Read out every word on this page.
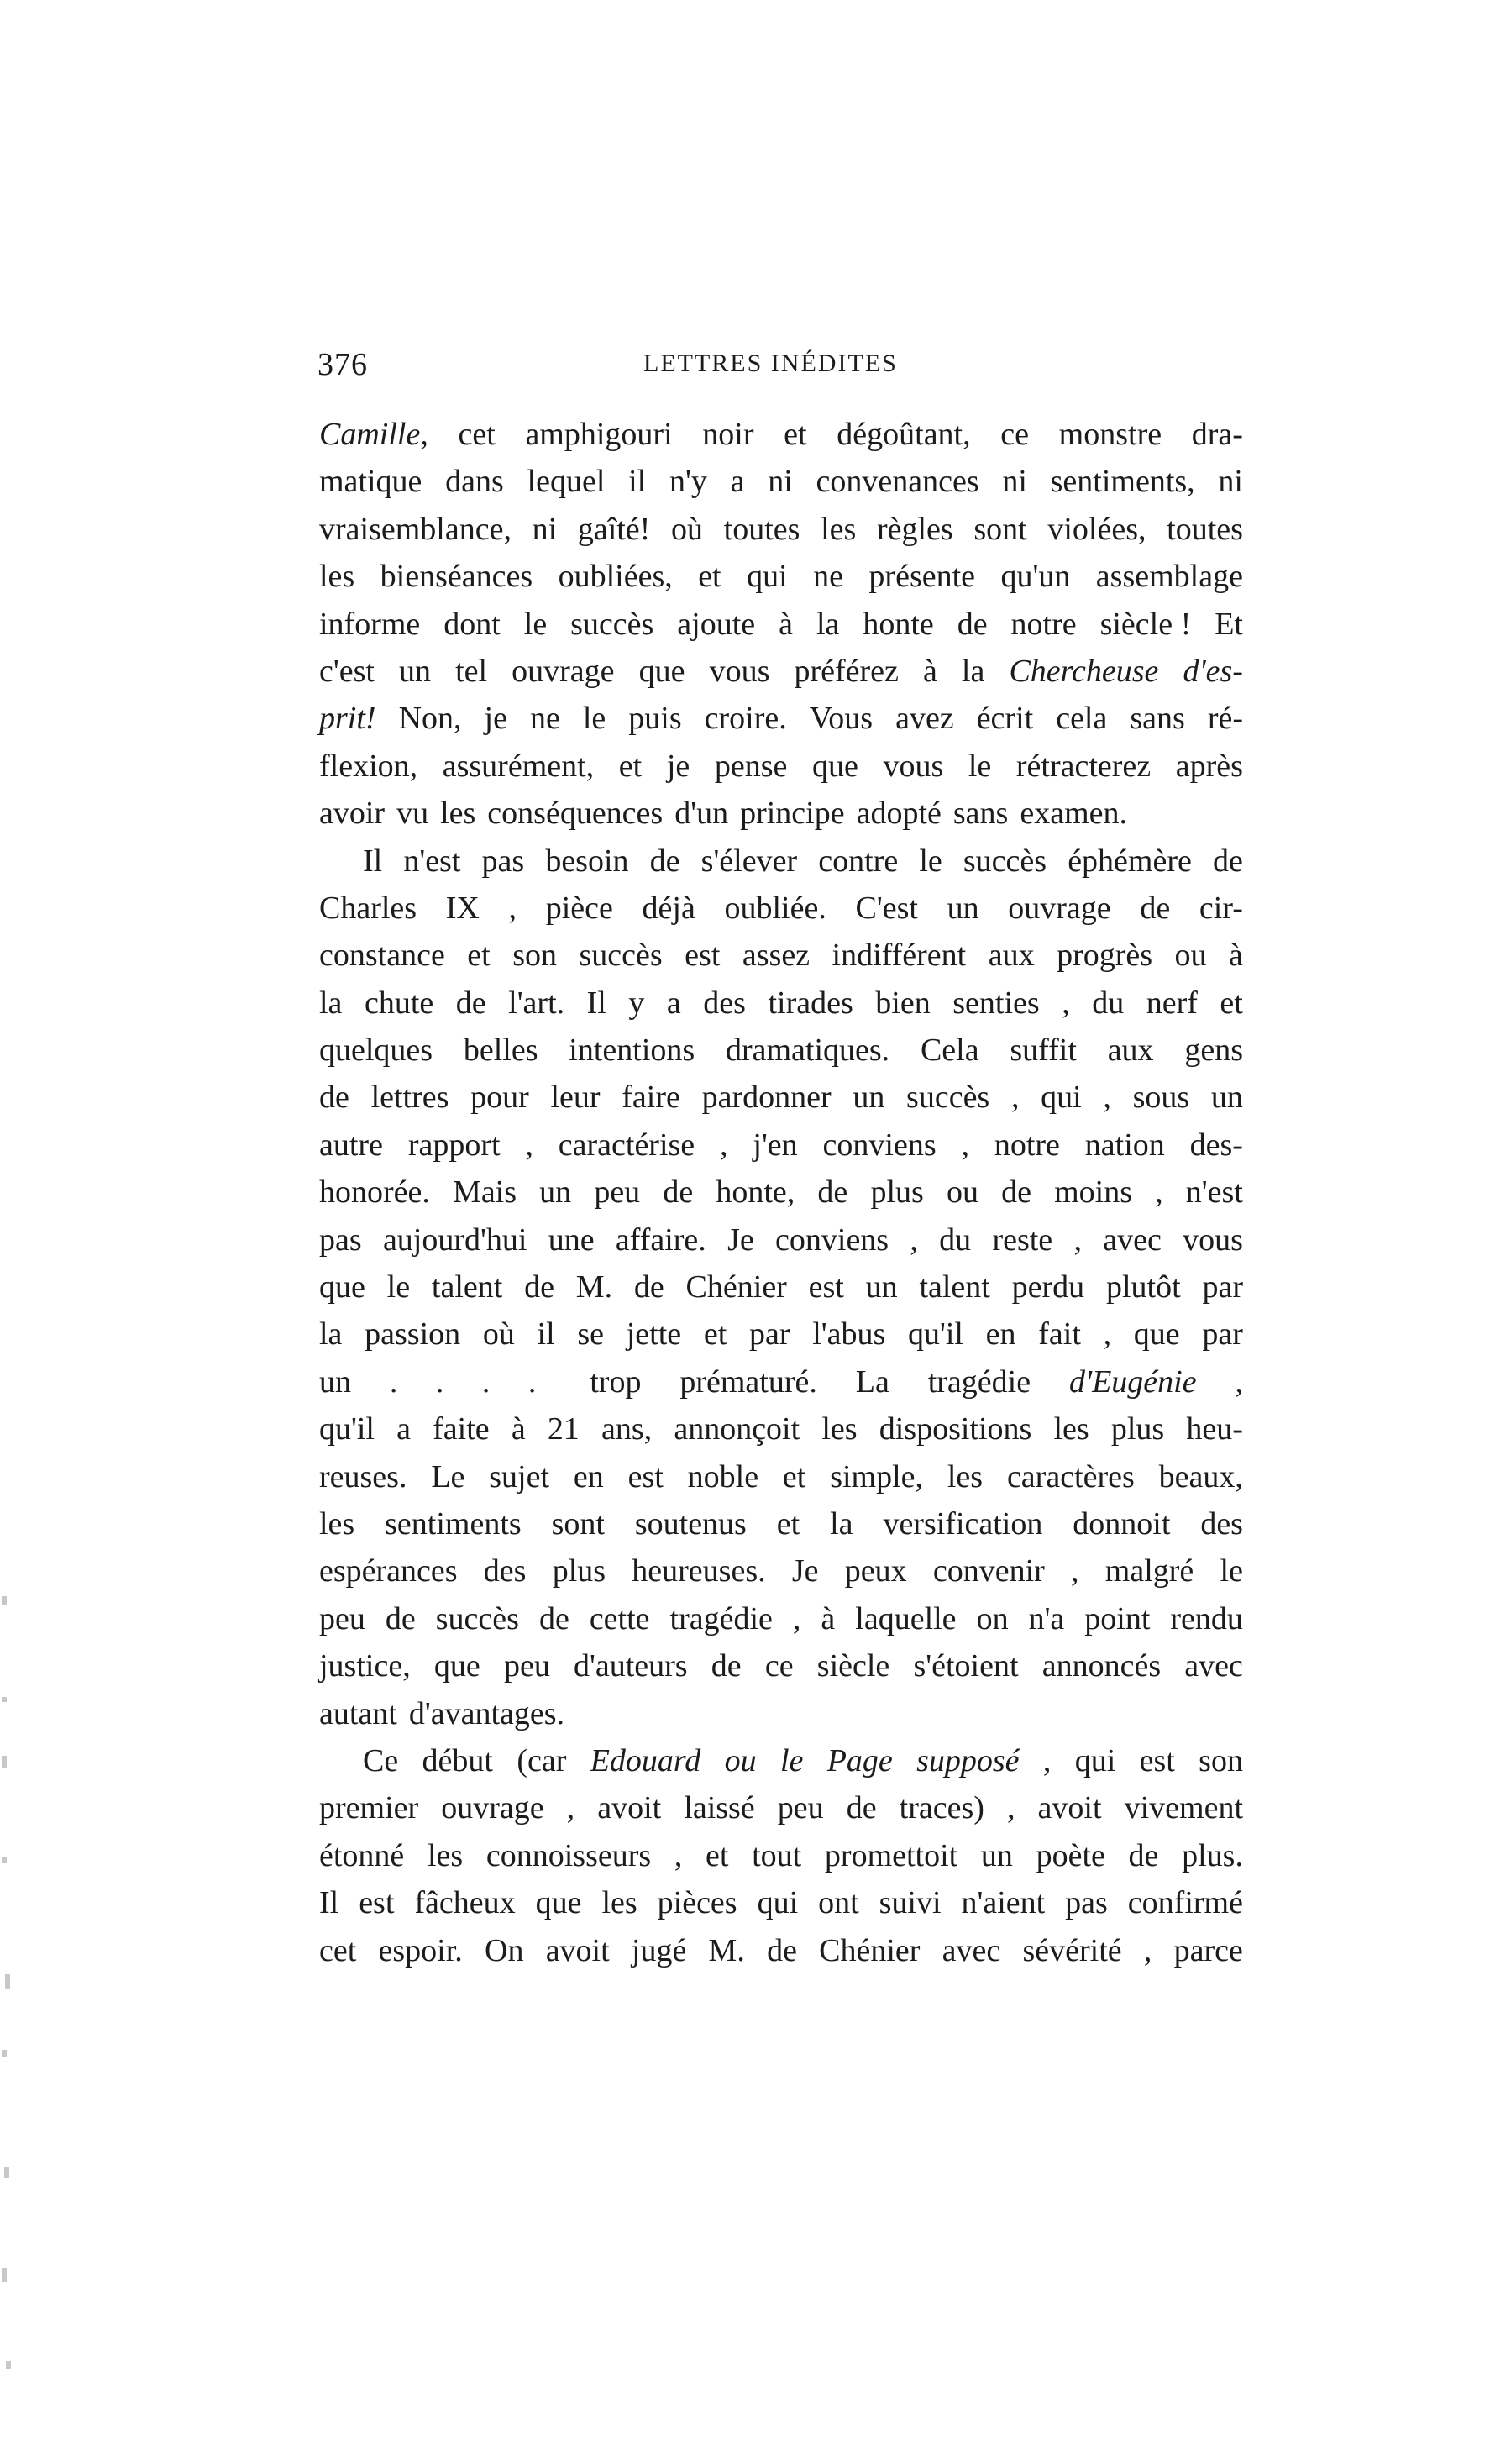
376	LETTRES INÉDITES
Camille, cet amphigouri noir et dégoûtant, ce monstre dra-
matique dans lequel il n'y a ni convenances ni sentiments, ni
vraisemblance, ni gaîté! où toutes les règles sont violées, toutes
les bienséances oubliées, et qui ne présente qu'un assemblage
informe dont le succès ajoute à la honte de notre siècle ! Et
c'est un tel ouvrage que vous préférez à la Chercheuse d'es-
prit! Non, je ne le puis croire. Vous avez écrit cela sans ré-
flexion, assurément, et je pense que vous le rétracterez après
avoir vu les conséquences d'un principe adopté sans examen.
Il n'est pas besoin de s'élever contre le succès éphémère de
Charles IX , pièce déjà oubliée. C'est un ouvrage de cir-
constance et son succès est assez indifférent aux progrès ou à
la chute de l'art. Il y a des tirades bien senties , du nerf et
quelques belles intentions dramatiques. Cela suffit aux gens
de lettres pour leur faire pardonner un succès , qui , sous un
autre rapport , caractérise , j'en conviens , notre nation des-
honorée. Mais un peu de honte, de plus ou de moins , n'est
pas aujourd'hui une affaire. Je conviens , du reste , avec vous
que le talent de M. de Chénier est un talent perdu plutôt par
la passion où il se jette et par l'abus qu'il en fait , que par
un . . . . trop prématuré. La tragédie d'Eugénie ,
qu'il a faite à 21 ans, annonçoit les dispositions les plus heu-
reuses. Le sujet en est noble et simple, les caractères beaux,
les sentiments sont soutenus et la versification donnoit des
espérances des plus heureuses. Je peux convenir , malgré le
peu de succès de cette tragédie , à laquelle on n'a point rendu
justice, que peu d'auteurs de ce siècle s'étoient annoncés avec
autant d'avantages.
Ce début (car Edouard ou le Page supposé , qui est son
premier ouvrage , avoit laissé peu de traces) , avoit vivement
étonné les connoisseurs , et tout promettoit un poète de plus.
Il est fâcheux que les pièces qui ont suivi n'aient pas confirmé
cet espoir. On avoit jugé M. de Chénier avec sévérité , parce
